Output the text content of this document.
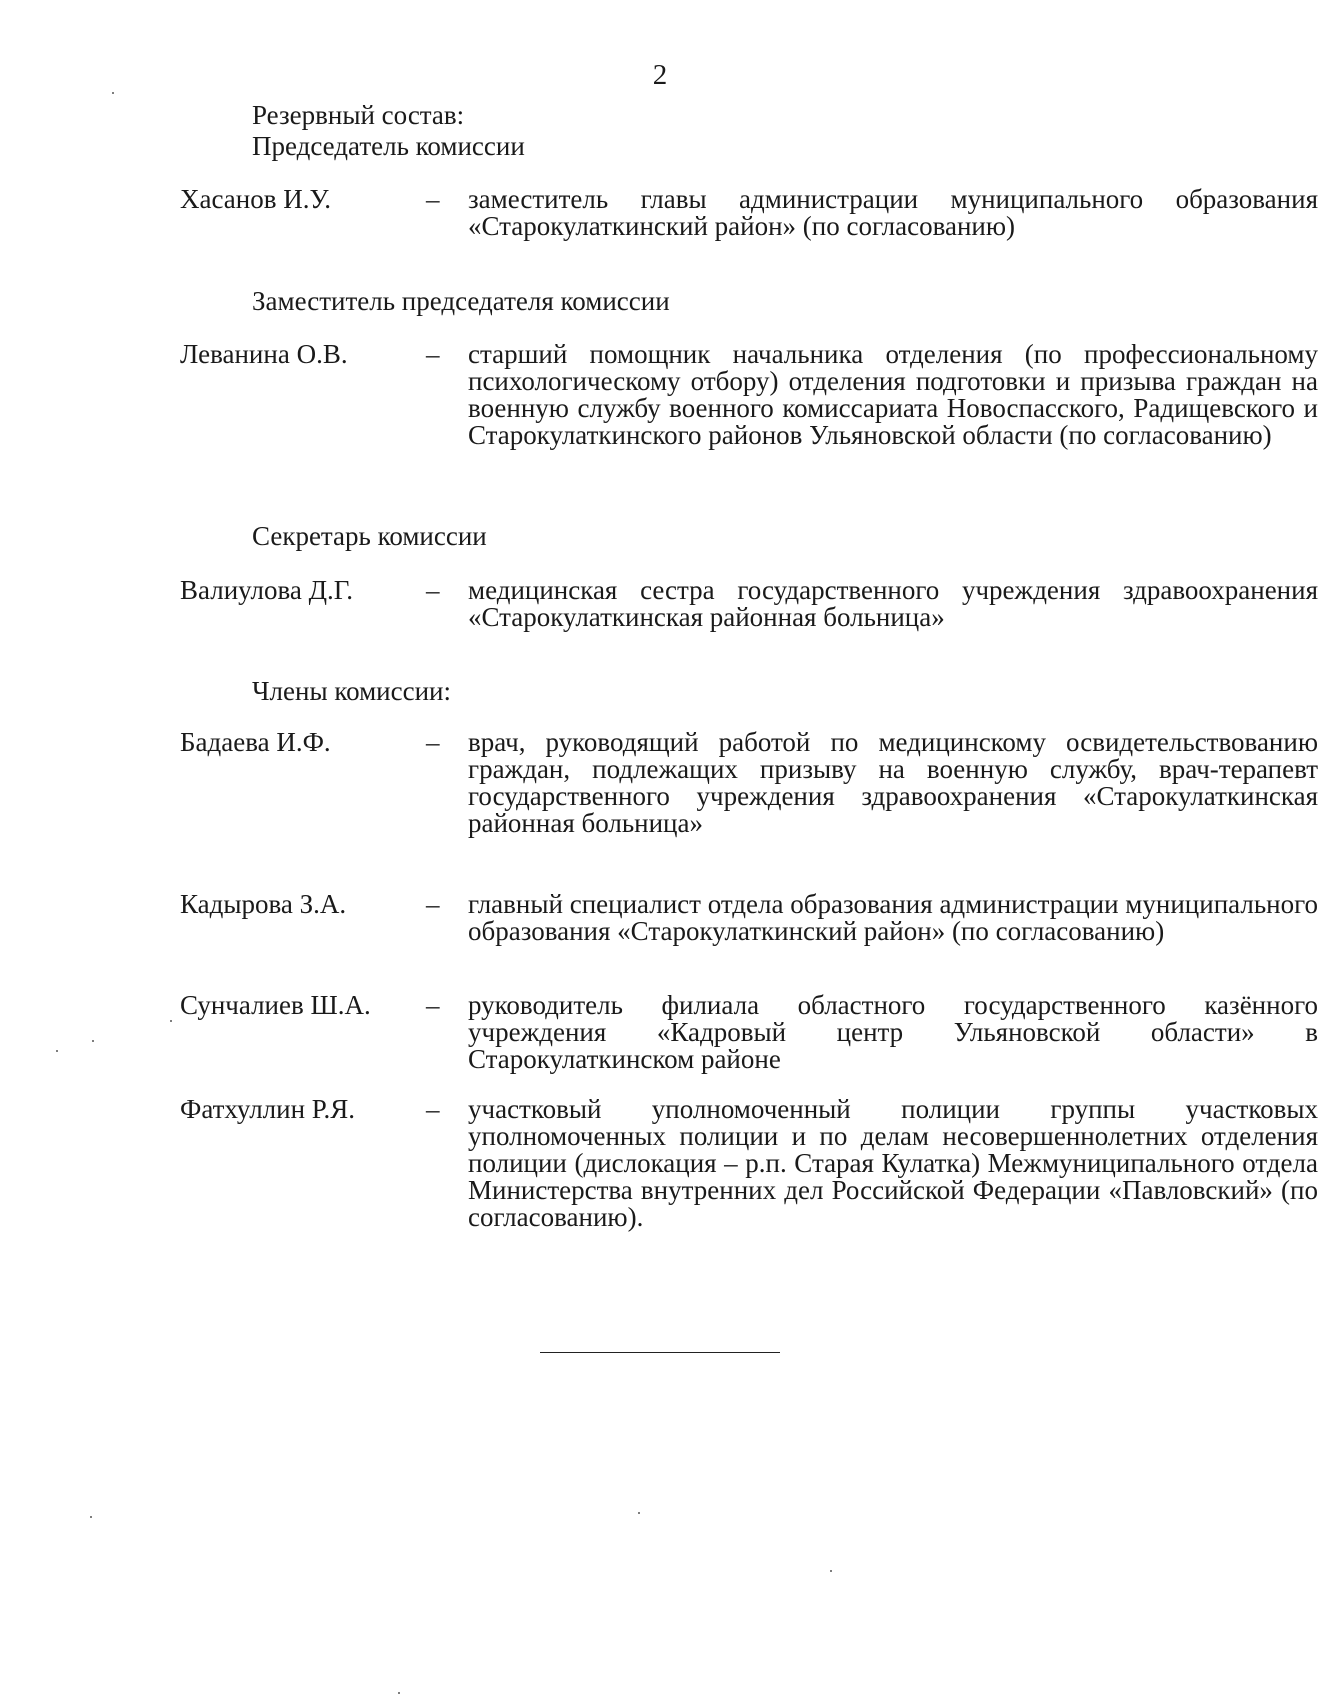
2
Резервный состав:
Председатель комиссии
Хасанов И.У.	– заместитель главы администрации муниципального образования «Старокулаткинский район» (по согласованию)
Заместитель председателя комиссии
Леванина О.В.	– старший помощник начальника отделения (по профессиональному психологическому отбору) отделения подготовки и призыва граждан на военную службу военного комиссариата Новоспасского, Радищевского и Старокулаткинского районов Ульяновской области (по согласованию)
Секретарь комиссии
Валиулова Д.Г.	– медицинская сестра государственного учреждения здравоохранения «Старокулаткинская районная больница»
Члены комиссии:
Бадаева И.Ф.	– врач, руководящий работой по медицинскому освидетельствованию граждан, подлежащих призыву на военную службу, врач-терапевт государственного учреждения здравоохранения «Старокулаткинская районная больница»
Кадырова З.А.	– главный специалист отдела образования администрации муниципального образования «Старокулаткинский район» (по согласованию)
Сунчалиев Ш.А. – руководитель филиала областного государственного казённого учреждения «Кадровый центр Ульяновской области» в Старокулаткинском районе
Фатхуллин Р.Я.	– участковый уполномоченный полиции группы участковых уполномоченных полиции и по делам несовершеннолетних отделения полиции (дислокация – р.п. Старая Кулатка) Межмуниципального отдела Министерства внутренних дел Российской Федерации «Павловский» (по согласованию).
